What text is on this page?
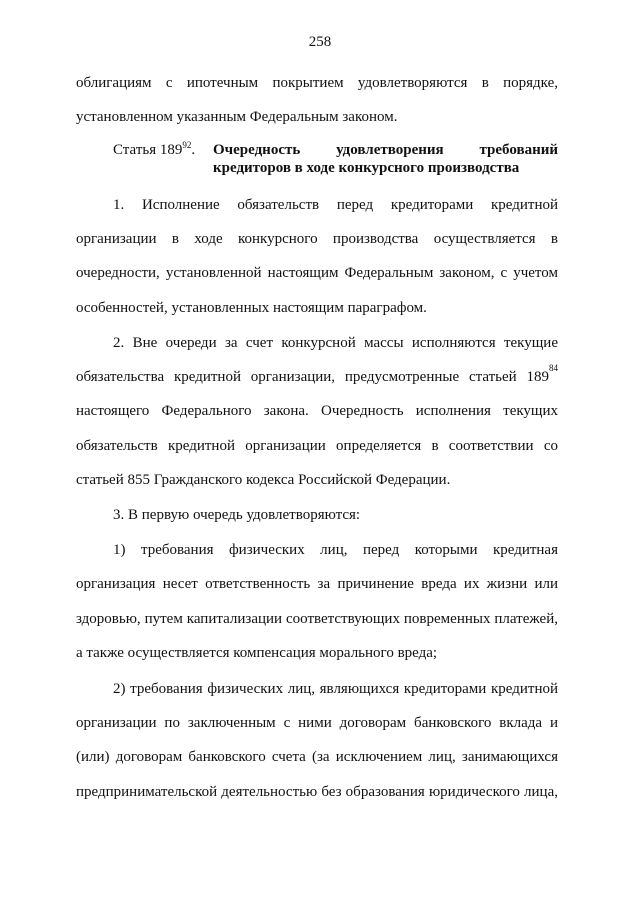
258
облигациям с ипотечным покрытием удовлетворяются в порядке,
установленном указанным Федеральным законом.
Статья $189^{92}$. Очередность удовлетворения требований
кредиторов в ходе конкурсного производства
1. Исполнение обязательств перед кредиторами кредитной
организации в ходе конкурсного производства осуществляется в
очередности, установленной настоящим Федеральным законом, с учетом
особенностей, установленных настоящим параграфом.
2. Вне очереди за счет конкурсной массы исполняются текущие
обязательства кредитной организации, предусмотренные статьей 189
84
настоящего Федерального закона. Очередность исполнения текущих
обязательств кредитной организации определяется в соответствии со
статьей 855 Гражданского кодекса Российской Федерации.
3. В первую очередь удовлетворяются:
1) требования физических лиц, перед которыми кредитная
организация несет ответственность за причинение вреда их жизни или
здоровью, путем капитализации соответствующих повременных платежей,
а также осуществляется компенсация морального вреда;
2) требования физических лиц, являющихся кредиторами кредитной
организации по заключенным с ними договорам банковского вклада и
(или) договорам банковского счета (за исключением лиц, занимающихся
предпринимательской деятельностью без образования юридического лица,
